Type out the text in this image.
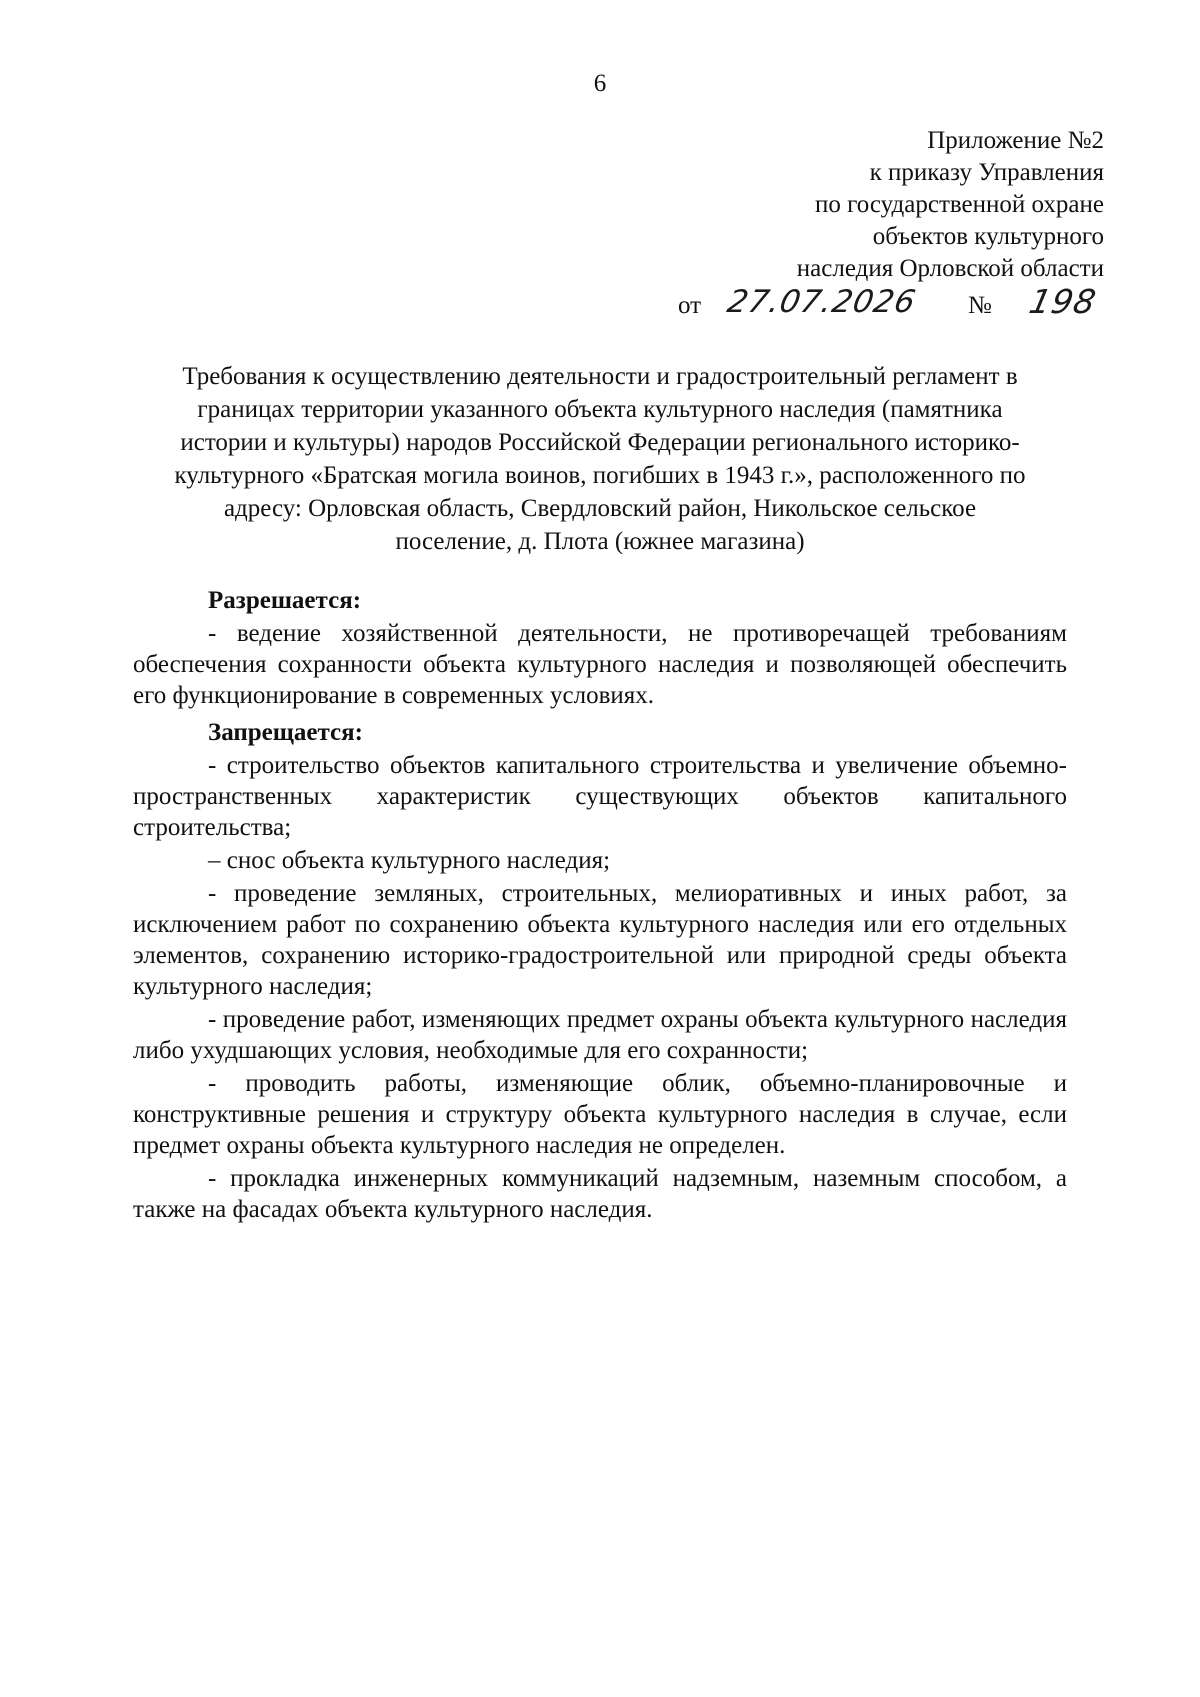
6
Приложение №2
к приказу Управления
по государственной охране
объектов культурного
наследия Орловской области
от 27.07.2026 № 198
Требования к осуществлению деятельности и градостроительный регламент в
границах территории указанного объекта культурного наследия (памятника
истории и культуры) народов Российской Федерации регионального историко-
культурного «Братская могила воинов, погибших в 1943 г.», расположенного по
адресу: Орловская область, Свердловский район, Никольское сельское
поселение, д. Плота (южнее магазина)

Разрешается:

- ведение хозяйственной деятельности, не противоречащей требованиям обеспечения сохранности объекта культурного наследия и позволяющей обеспечить его функционирование в современных условиях.

Запрещается:

- строительство объектов капитального строительства и увеличение объемно-пространственных характеристик существующих объектов капитального строительства;

– снос объекта культурного наследия;

- проведение земляных, строительных, мелиоративных и иных работ, за исключением работ по сохранению объекта культурного наследия или его отдельных элементов, сохранению историко-градостроительной или природной среды объекта культурного наследия;

- проведение работ, изменяющих предмет охраны объекта культурного наследия либо ухудшающих условия, необходимые для его сохранности;

- проводить работы, изменяющие облик, объемно-планировочные и конструктивные решения и структуру объекта культурного наследия в случае, если предмет охраны объекта культурного наследия не определен.

- прокладка инженерных коммуникаций надземным, наземным способом, а также на фасадах объекта культурного наследия.
